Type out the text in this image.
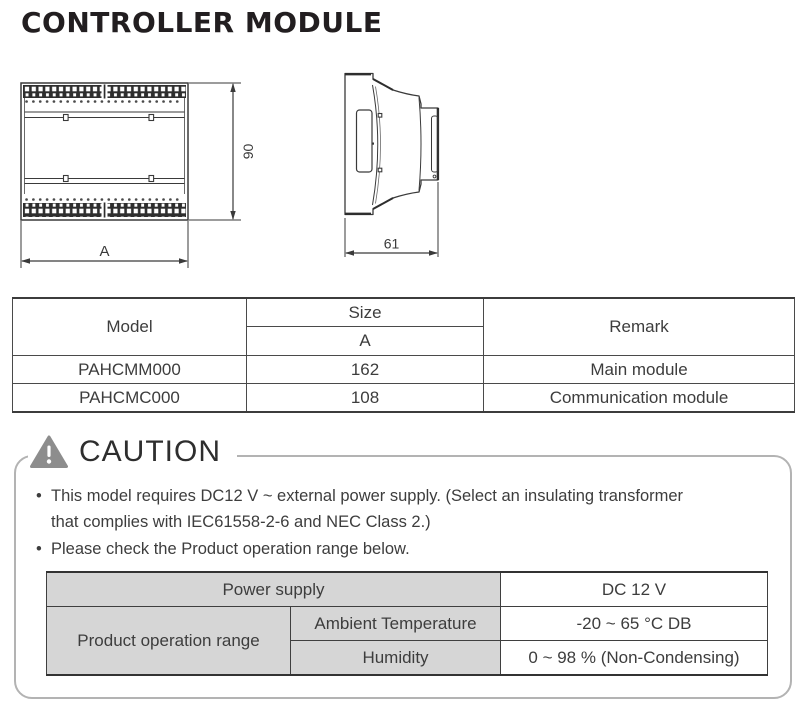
CONTROLLER MODULE
90
A	61
Model	Size	Remark
	A	
PAHCMM000	162	Main module
PAHCMC000	108	Communication module
CAUTION
•
This model requires DC12 V ~ external power supply. (Select an insulating transformer
that complies with IEC61558-2-6 and NEC Class 2.)
•
Please check the Product operation range below.
Power supply		DC 12 V
Product operation range	Ambient Temperature	-20 ~ 65 °C DB
	Humidity	0 ~ 98 % (Non-Condensing)
